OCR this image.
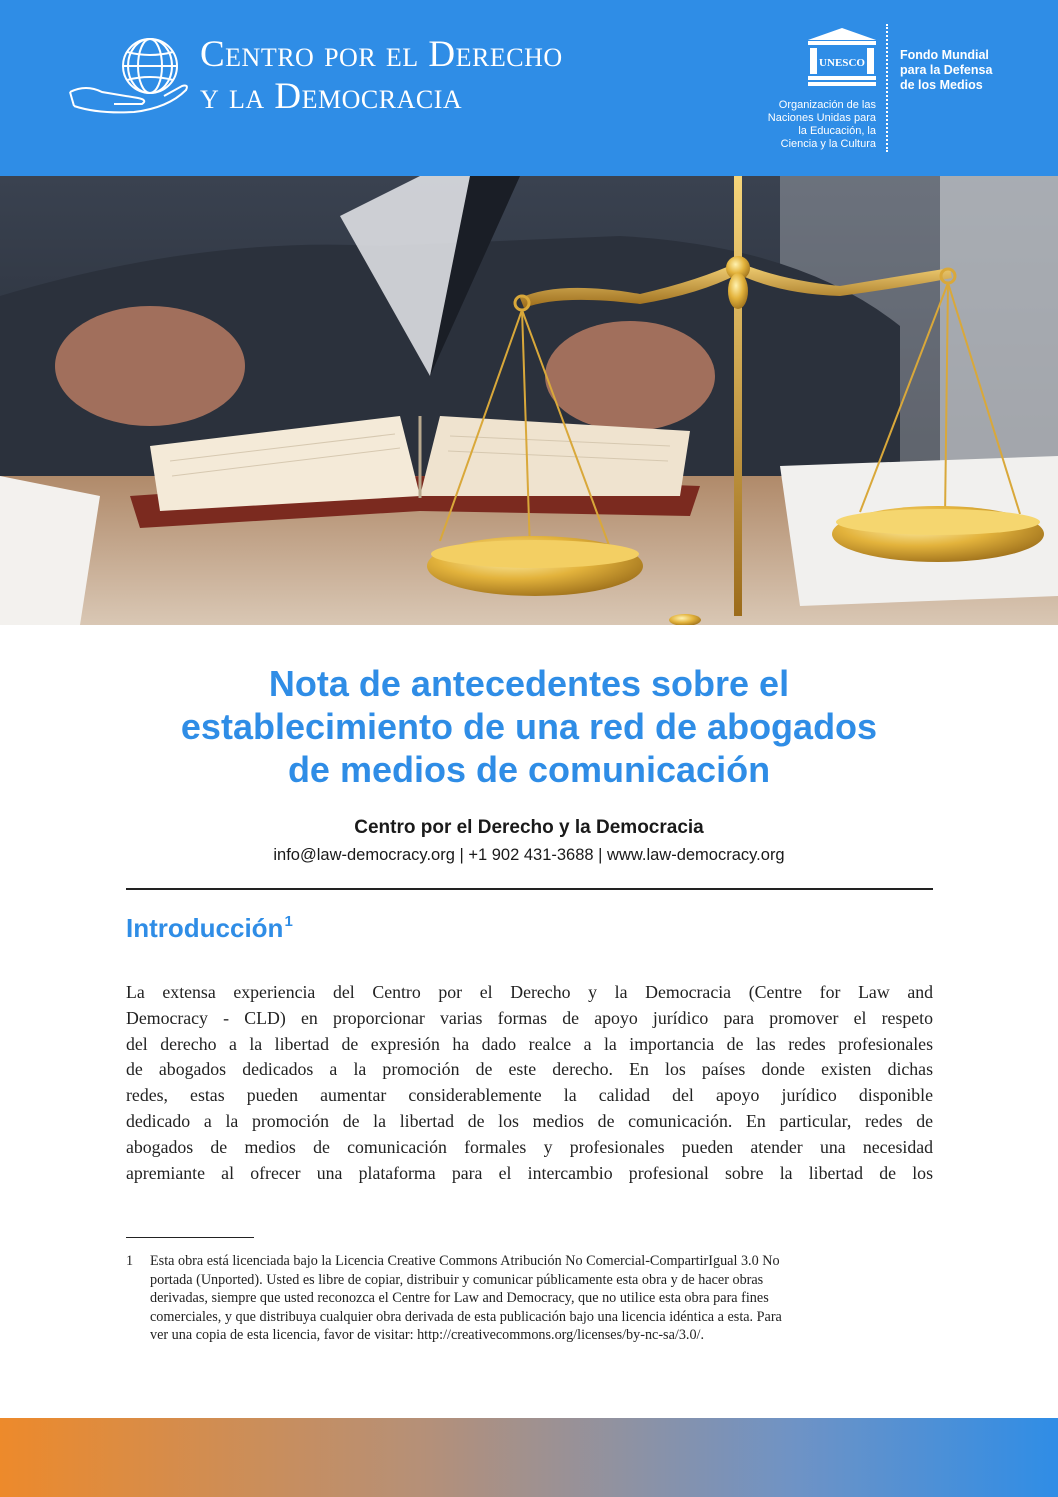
Centro por el Derecho
y la Democracia
UNESCO
Organización de las
Naciones Unidas para
la Educación, la
Ciencia y la Cultura
Fondo Mundial
para la Defensa
de los Medios
Nota de antecedentes sobre el
establecimiento de una red de abogados
de medios de comunicación
Centro por el Derecho y la Democracia
info@law-democracy.org | +1 902 431-3688 | www.law-democracy.org
Introducción$^1$
La extensa experiencia del Centro por el Derecho y la Democracia (Centre for Law and
Democracy - CLD) en proporcionar varias formas de apoyo jurídico para promover el respeto
del derecho a la libertad de expresión ha dado realce a la importancia de las redes profesionales
de abogados dedicados a la promoción de este derecho. En los países donde existen dichas
redes, estas pueden aumentar considerablemente la calidad del apoyo jurídico disponible
dedicado a la promoción de la libertad de los medios de comunicación. En particular, redes de
abogados de medios de comunicación formales y profesionales pueden atender una necesidad
apremiante al ofrecer una plataforma para el intercambio profesional sobre la libertad de los
1 Esta obra está licenciada bajo la Licencia Creative Commons Atribución No Comercial-CompartirIgual 3.0 No
portada (Unported). Usted es libre de copiar, distribuir y comunicar públicamente esta obra y de hacer obras
derivadas, siempre que usted reconozca el Centre for Law and Democracy, que no utilice esta obra para fines
comerciales, y que distribuya cualquier obra derivada de esta publicación bajo una licencia idéntica a esta. Para
ver una copia de esta licencia, favor de visitar: http://creativecommons.org/licenses/by-nc-sa/3.0/.
